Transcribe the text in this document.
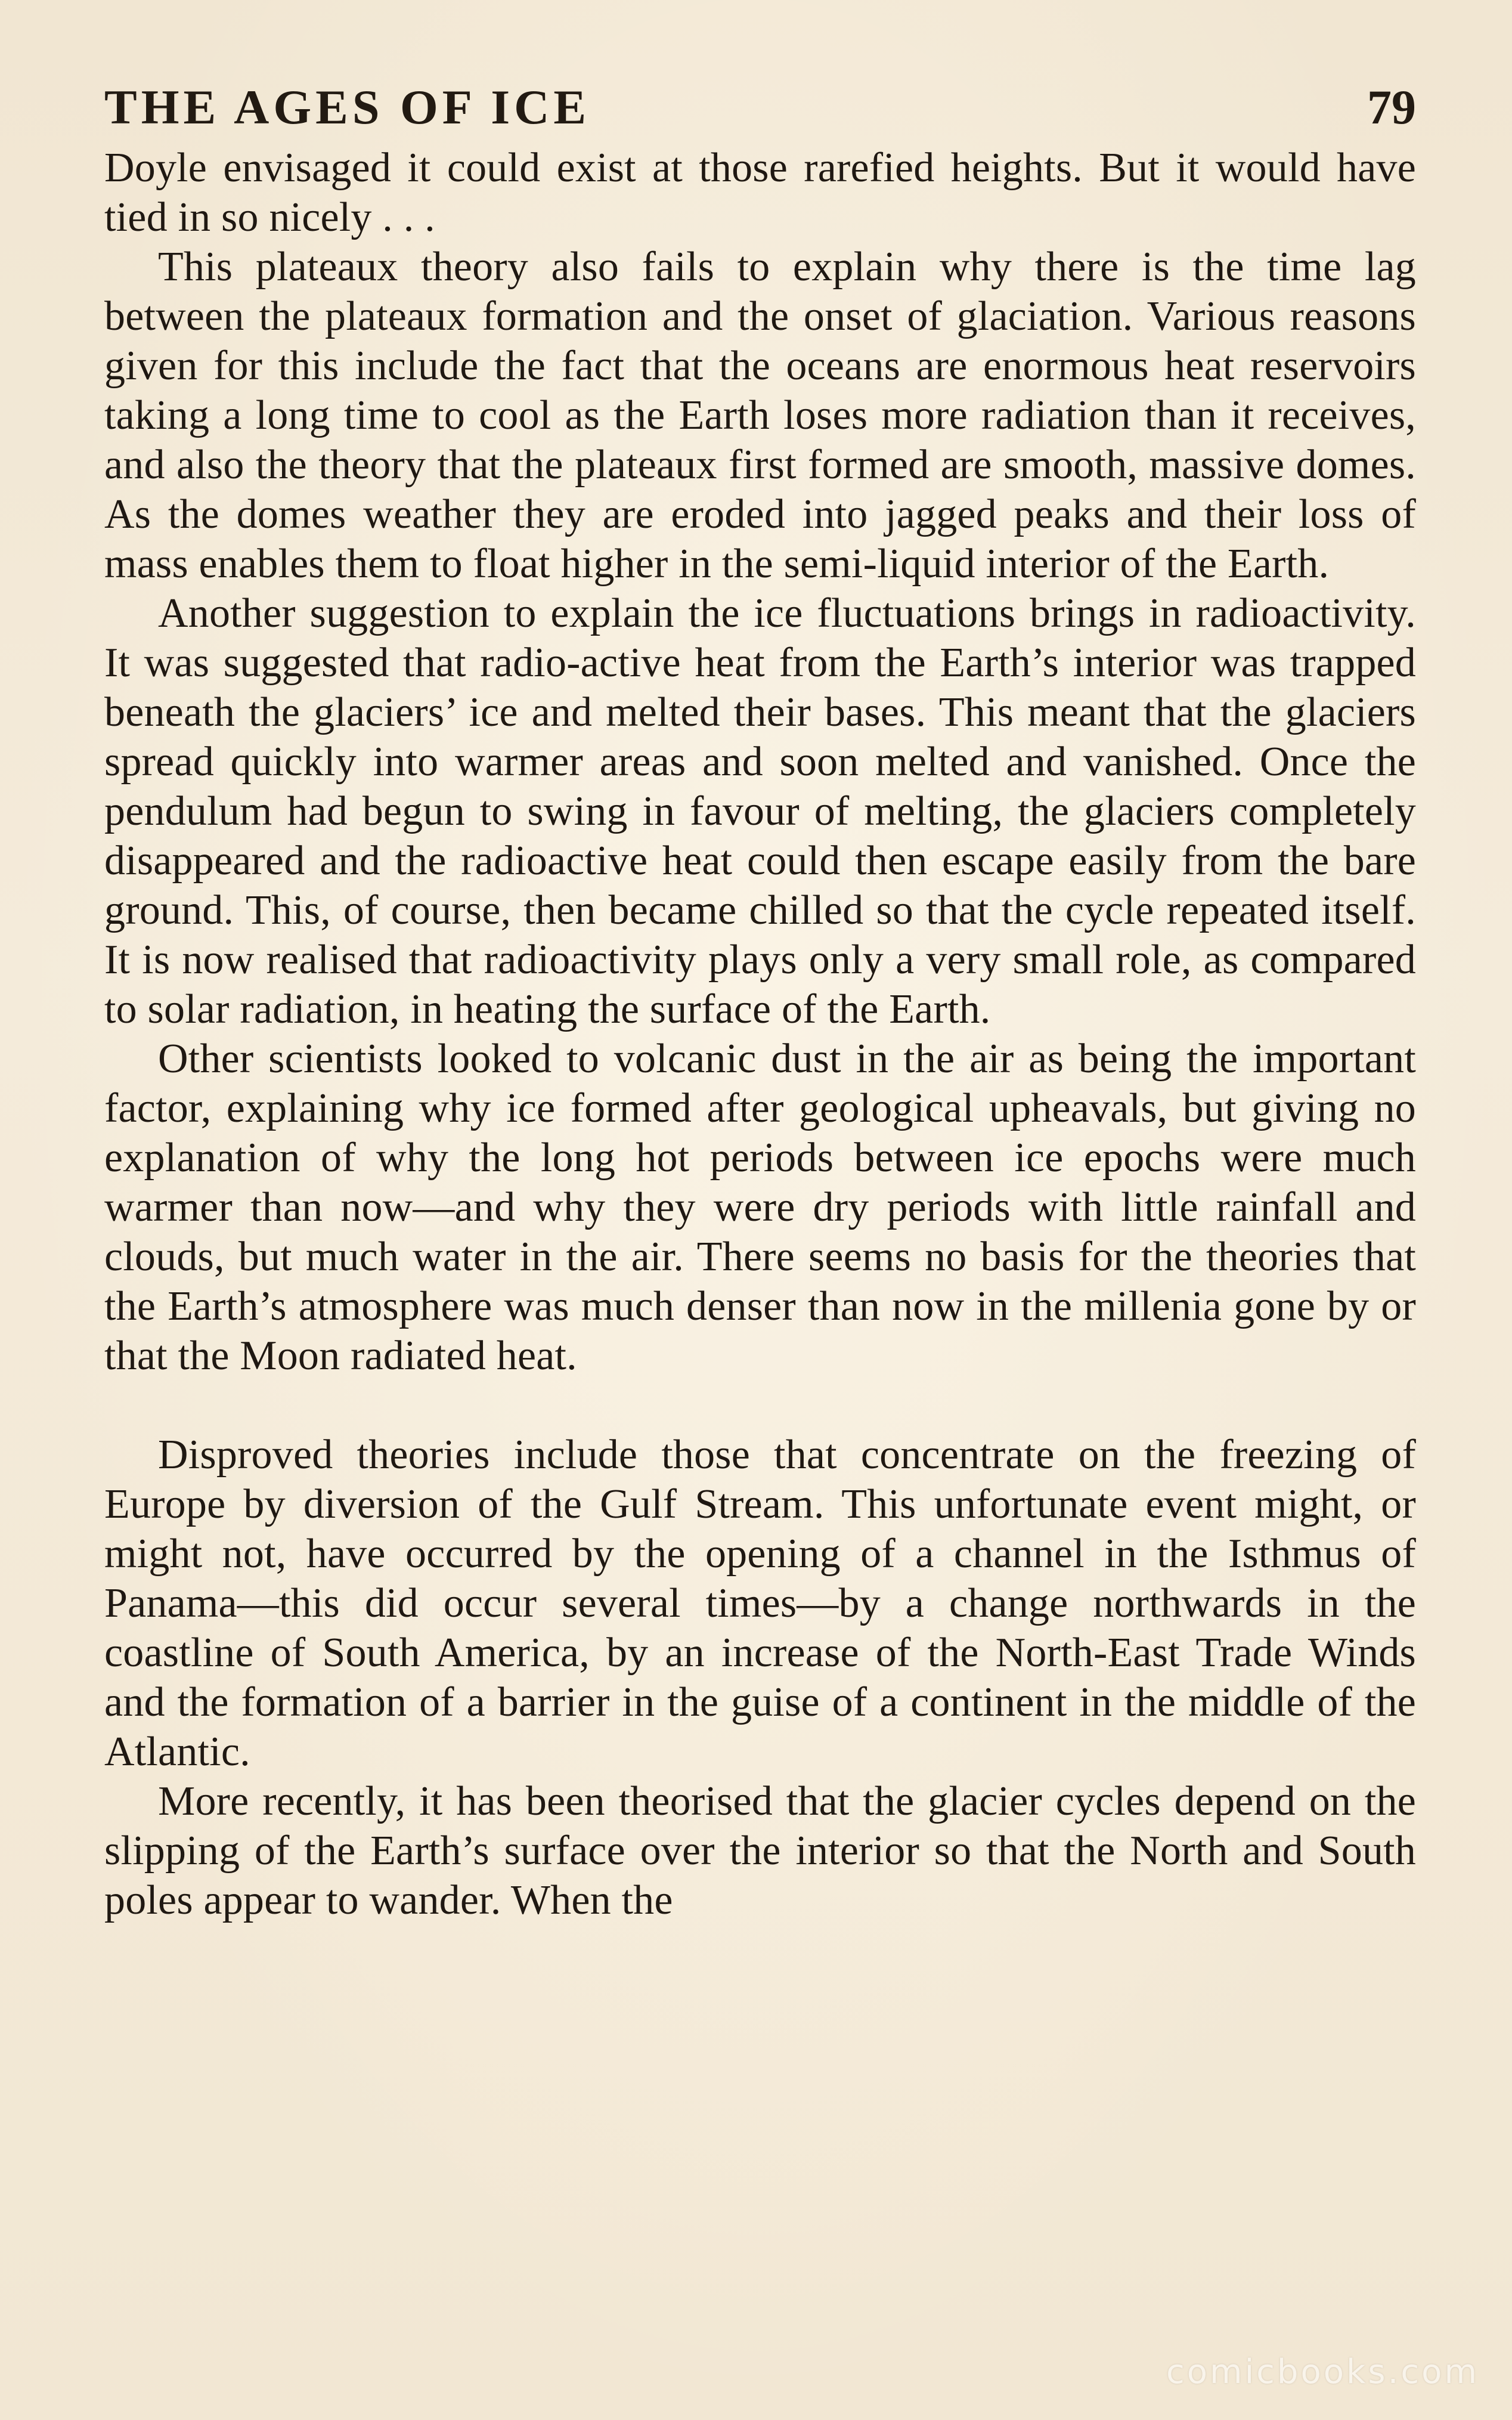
THE AGES OF ICE	79

Doyle envisaged it could exist at those rarefied heights. But it would have tied in so nicely . . .

This plateaux theory also fails to explain why there is the time lag between the plateaux formation and the onset of glaciation. Various reasons given for this include the fact that the oceans are enormous heat reservoirs taking a long time to cool as the Earth loses more radiation than it receives, and also the theory that the plateaux first formed are smooth, massive domes. As the domes weather they are eroded into jagged peaks and their loss of mass enables them to float higher in the semi-liquid interior of the Earth.

Another suggestion to explain the ice fluctuations brings in radioactivity. It was suggested that radio-active heat from the Earth’s interior was trapped beneath the glaciers’ ice and melted their bases. This meant that the glaciers spread quickly into warmer areas and soon melted and vanished. Once the pendulum had begun to swing in favour of melting, the glaciers completely disappeared and the radioactive heat could then escape easily from the bare ground. This, of course, then became chilled so that the cycle repeated itself. It is now realised that radioactivity plays only a very small role, as compared to solar radiation, in heating the surface of the Earth.

Other scientists looked to volcanic dust in the air as being the important factor, explaining why ice formed after geological upheavals, but giving no explanation of why the long hot periods between ice epochs were much warmer than now—and why they were dry periods with little rainfall and clouds, but much water in the air. There seems no basis for the theories that the Earth’s atmosphere was much denser than now in the millenia gone by or that the Moon radiated heat.

Disproved theories include those that concentrate on the freezing of Europe by diversion of the Gulf Stream. This unfortunate event might, or might not, have occurred by the opening of a channel in the Isthmus of Panama—this did occur several times—by a change northwards in the coastline of South America, by an increase of the North-East Trade Winds and the formation of a barrier in the guise of a continent in the middle of the Atlantic.

More recently, it has been theorised that the glacier cycles depend on the slipping of the Earth’s surface over the interior so that the North and South poles appear to wander. When the

comicbooks.com
